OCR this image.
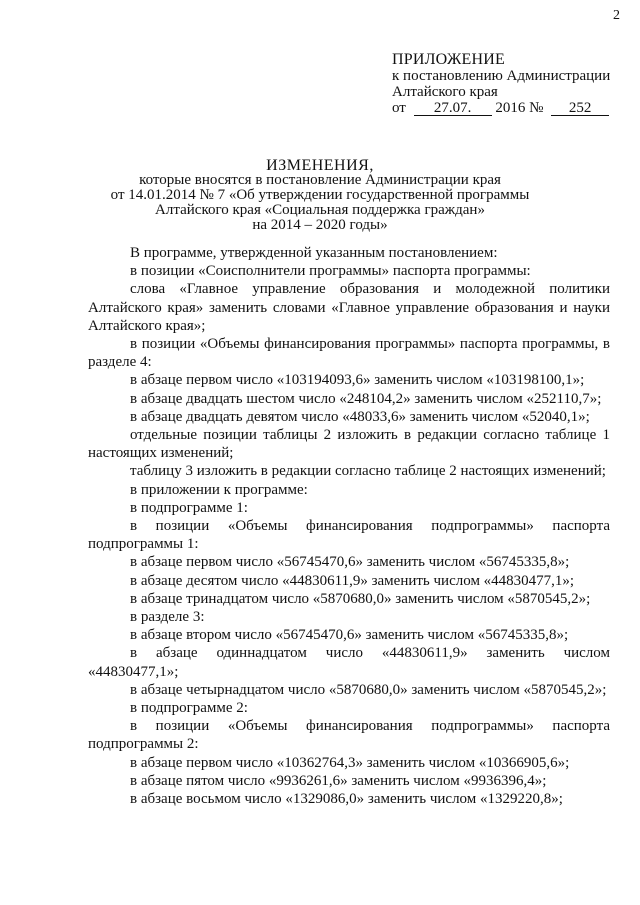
2
ПРИЛОЖЕНИЕ
к постановлению Администрации
Алтайского края
от 27.07. 2016 № 252
ИЗМЕНЕНИЯ,
которые вносятся в постановление Администрации края
от 14.01.2014 № 7 «Об утверждении государственной программы
Алтайского края «Социальная поддержка граждан»
на 2014 – 2020 годы»

В программе, утвержденной указанным постановлением:

в позиции «Соисполнители программы» паспорта программы:

слова «Главное управление образования и молодежной политики Алтайского края» заменить словами «Главное управление образования и науки Алтайского края»;

в позиции «Объемы финансирования программы» паспорта программы, в разделе 4:

в абзаце первом число «103194093,6» заменить числом «103198100,1»;

в абзаце двадцать шестом число «248104,2» заменить числом «252110,7»;

в абзаце двадцать девятом число «48033,6» заменить числом «52040,1»;

отдельные позиции таблицы 2 изложить в редакции согласно таблице 1 настоящих изменений;

таблицу 3 изложить в редакции согласно таблице 2 настоящих изменений;

в приложении к программе:

в подпрограмме 1:

в позиции «Объемы финансирования подпрограммы» паспорта подпрограммы 1:

в абзаце первом число «56745470,6» заменить числом «56745335,8»;

в абзаце десятом число «44830611,9» заменить числом «44830477,1»;

в абзаце тринадцатом число «5870680,0» заменить числом «5870545,2»;

в разделе 3:

в абзаце втором число «56745470,6» заменить числом «56745335,8»;

в абзаце одиннадцатом число «44830611,9» заменить числом «44830477,1»;

в абзаце четырнадцатом число «5870680,0» заменить числом «5870545,2»;

в подпрограмме 2:

в позиции «Объемы финансирования подпрограммы» паспорта подпрограммы 2:

в абзаце первом число «10362764,3» заменить числом «10366905,6»;

в абзаце пятом число «9936261,6» заменить числом «9936396,4»;

в абзаце восьмом число «1329086,0» заменить числом «1329220,8»;
